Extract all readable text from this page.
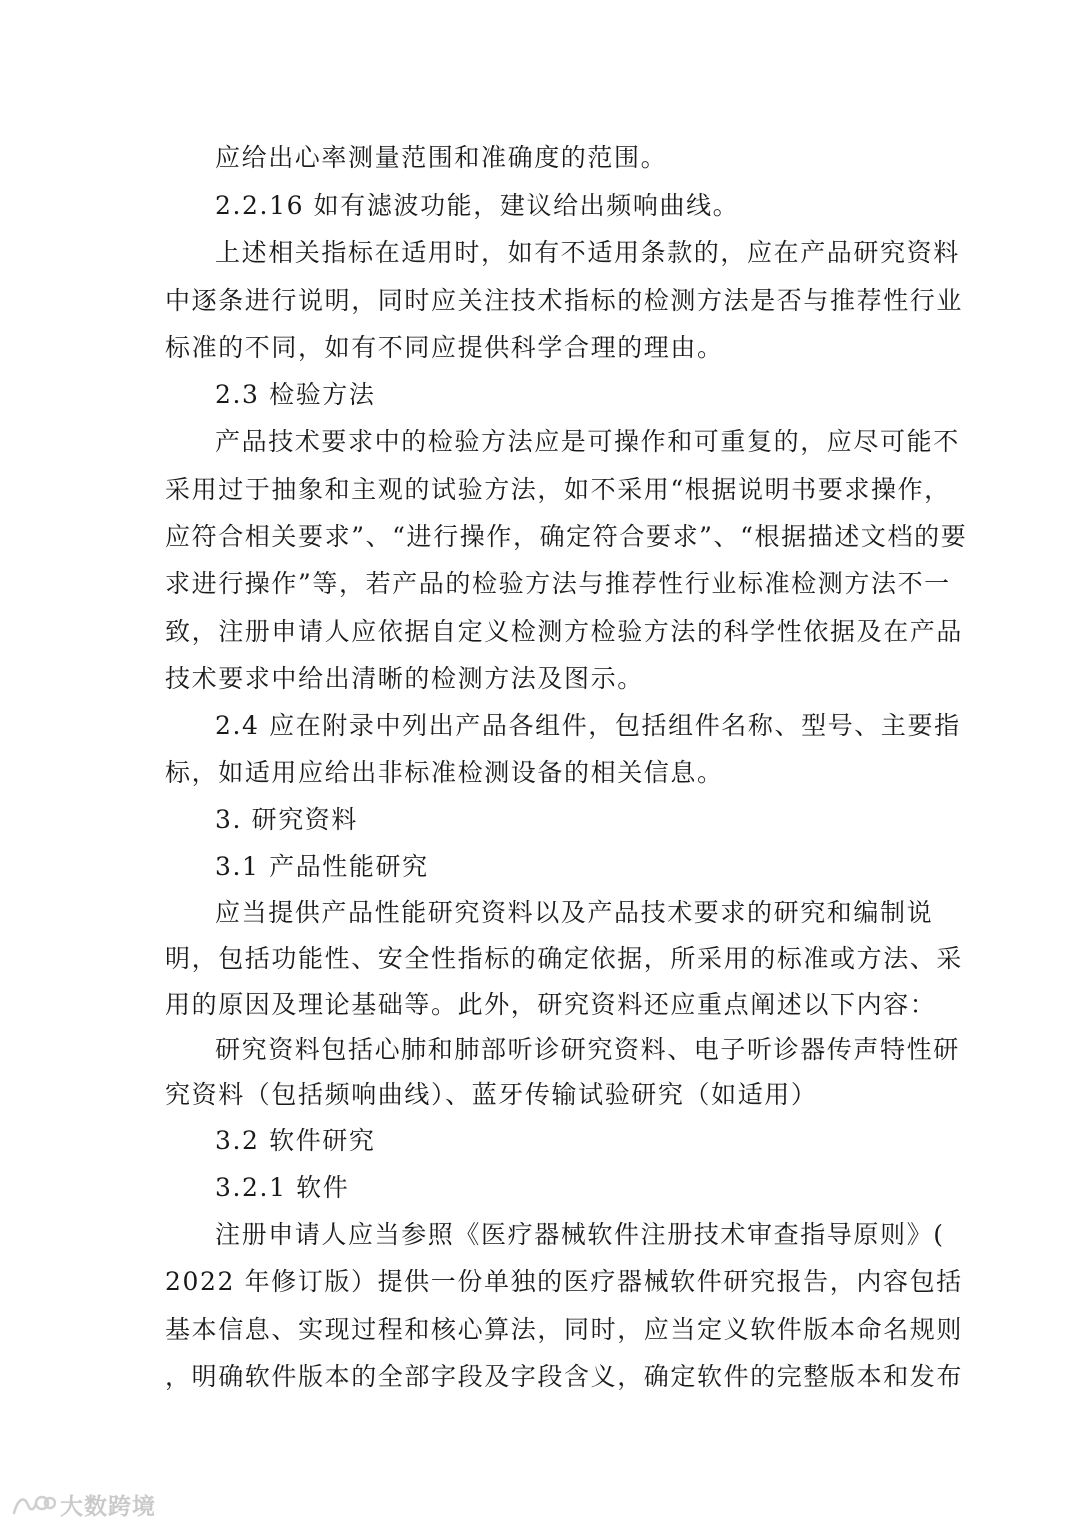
应给出心率测量范围和准确度的范围。
2.2.16 如有滤波功能，建议给出频响曲线。
上述相关指标在适用时，如有不适用条款的，应在产品研究资料
中逐条进行说明，同时应关注技术指标的检测方法是否与推荐性行业
标准的不同，如有不同应提供科学合理的理由。
2.3 检验方法
产品技术要求中的检验方法应是可操作和可重复的，应尽可能不
采用过于抽象和主观的试验方法，如不采用“根据说明书要求操作，
应符合相关要求”、“进行操作，确定符合要求”、“根据描述文档的要
求进行操作”等，若产品的检验方法与推荐性行业标准检测方法不一
致，注册申请人应依据自定义检测方检验方法的科学性依据及在产品
技术要求中给出清晰的检测方法及图示。
2.4 应在附录中列出产品各组件，包括组件名称、型号、主要指
标，如适用应给出非标准检测设备的相关信息。
3. 研究资料
3.1 产品性能研究
应当提供产品性能研究资料以及产品技术要求的研究和编制说
明，包括功能性、安全性指标的确定依据，所采用的标准或方法、采
用的原因及理论基础等。此外，研究资料还应重点阐述以下内容：
研究资料包括心肺和肺部听诊研究资料、电子听诊器传声特性研
究资料（包括频响曲线）、蓝牙传输试验研究（如适用）
3.2 软件研究
3.2.1 软件
注册申请人应当参照《医疗器械软件注册技术审查指导原则》(
2022 年修订版）提供一份单独的医疗器械软件研究报告，内容包括
基本信息、实现过程和核心算法，同时，应当定义软件版本命名规则
，明确软件版本的全部字段及字段含义，确定软件的完整版本和发布
大数跨境
